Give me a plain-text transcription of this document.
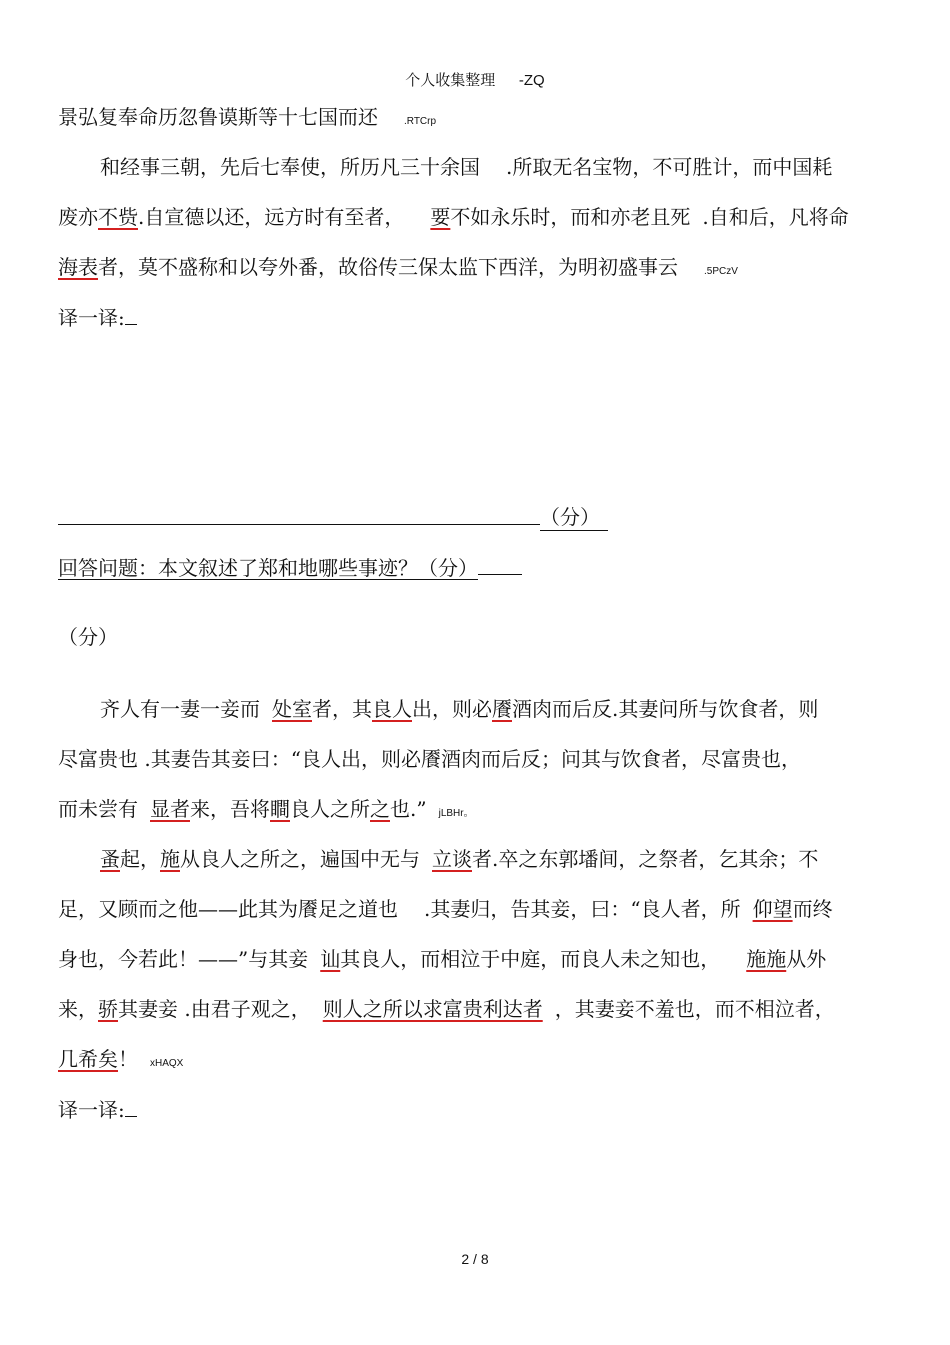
个人收集整理 -ZQ
景弘复奉命历忽鲁谟斯等十七国而还	.RTCrp
和经事三朝，先后七奉使，所历凡三十余国 .所取无名宝物，不可胜计，而中国耗
废亦不赀.自宣德以还，远方时有至者， 要不如永乐时，而和亦老且死 .自和后，凡将命
海表者，莫不盛称和以夸外番，故俗传三保太监下西洋，为明初盛事云	.5PCzV
译一译:
（分）
回答问题：本文叙述了郑和地哪些事迹？（分）
（分）
齐人有一妻一妾而 处室者，其良人出，则必餍酒肉而后反.其妻问所与饮食者，则
尽富贵也 .其妻告其妾曰：“良人出，则必餍酒肉而后反；问其与饮食者，尽富贵也，
而未尝有 显者来，吾将瞷良人之所之也.” jLBHr。
蚤起，施从良人之所之，遍国中无与 立谈者.卒之东郭墦间，之祭者，乞其余；不
足，又顾而之他——此其为餍足之道也 .其妻归，告其妾，曰：“良人者，所 仰望而终
身也，今若此！——”与其妾 讪其良人，而相泣于中庭，而良人未之知也， 施施从外
来，骄其妻妾 .由君子观之， 则人之所以求富贵利达者 ，其妻妾不羞也，而不相泣者，
几希矣！ xHAQX
译一译:
2 / 8
